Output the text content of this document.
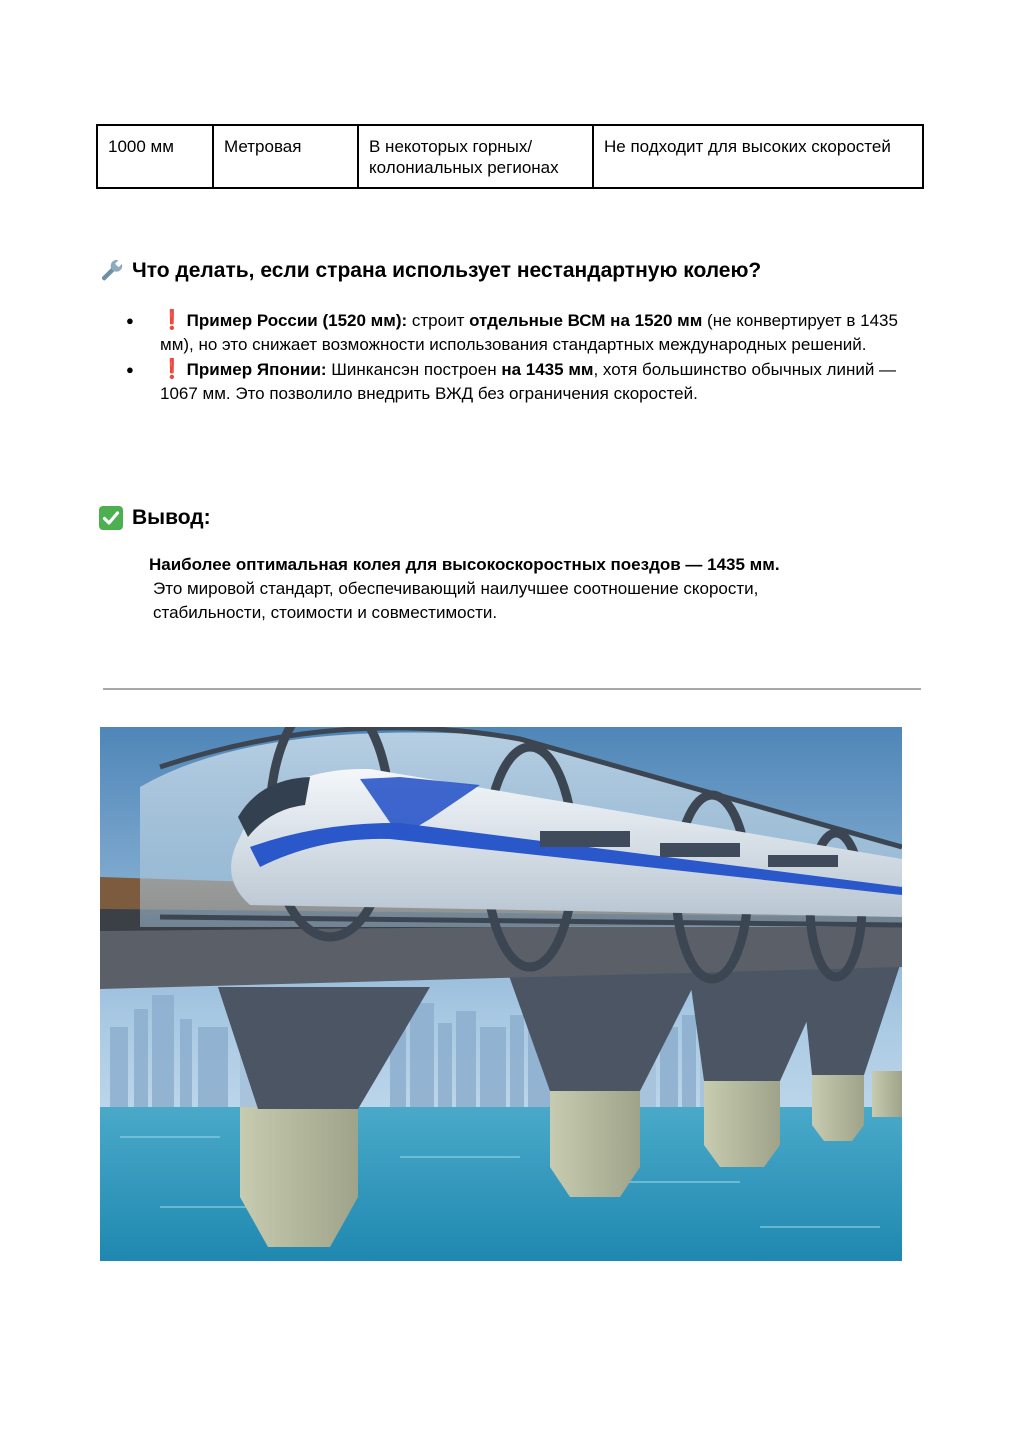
1000 мм	Метровая	В некоторых горных/колониальных регионах	Не подходит для высоких скоростей
Что делать, если страна использует нестандартную колею?
●	❗ Пример России (1520 мм): строит отдельные ВСМ на 1520 мм (не конвертирует в 1435 мм), но это снижает возможности использования стандартных международных решений.
●	❗ Пример Японии: Шинкансэн построен на 1435 мм, хотя большинство обычных линий — 1067 мм. Это позволило внедрить ВЖД без ограничения скоростей.
Вывод:
Наиболее оптимальная колея для высокоскоростных поездов — 1435 мм.
Это мировой стандарт, обеспечивающий наилучшее соотношение скорости, стабильности, стоимости и совместимости.
